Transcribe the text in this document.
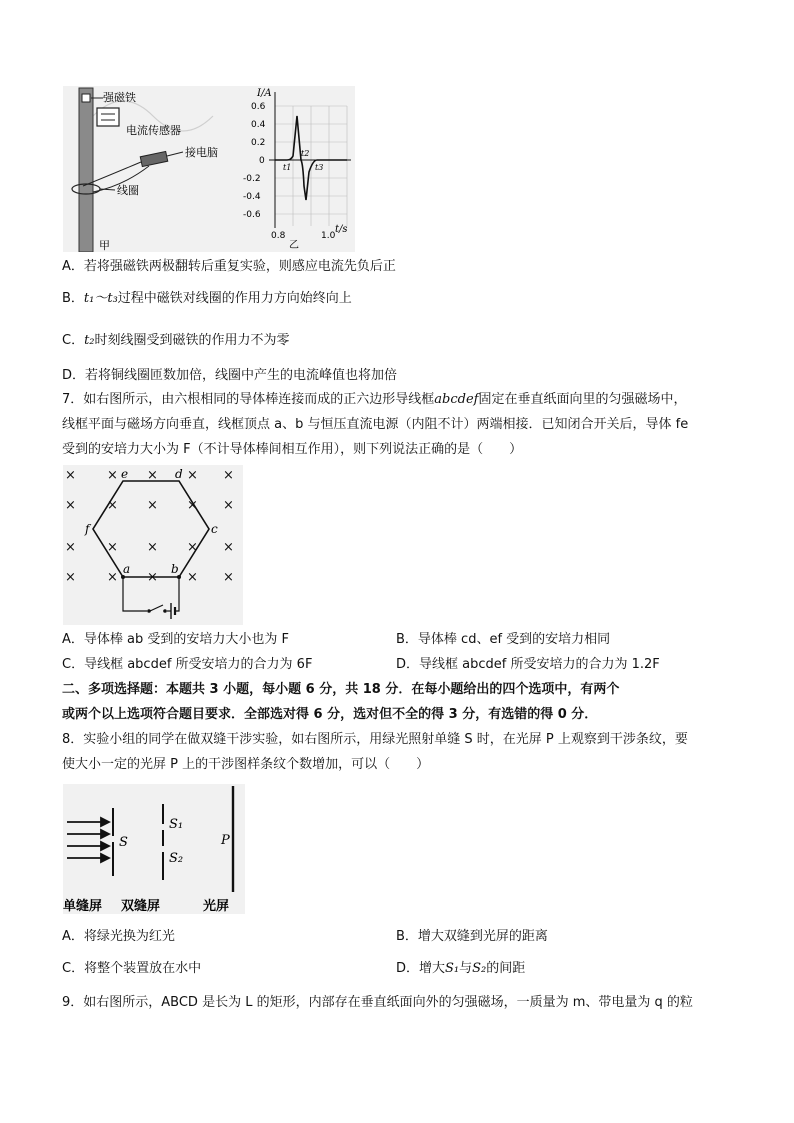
强磁铁
电流传感器
接电脑
线圈
甲
I/A
0.6
0.4
0.2
0
-0.2
-0.4
-0.6
t1
t2
t3
0.8	1.0
乙
t/s
A．若将强磁铁两极翻转后重复实验，则感应电流先负后正
B．t₁～t₃过程中磁铁对线圈的作用力方向始终向上
C．t₂时刻线圈受到磁铁的作用力不为零
D．若将铜线圈匝数加倍，线圈中产生的电流峰值也将加倍
7．如右图所示，由六根相同的导体棒连接而成的正六边形导线框abcdef固定在垂直纸面向里的匀强磁场中，
线框平面与磁场方向垂直，线框顶点 a、b 与恒压直流电源（内阻不计）两端相接．已知闭合开关后，导体 fe
受到的安培力大小为 F（不计导体棒间相互作用），则下列说法正确的是（　　）
× × × × ×
× × × × ×
× × × × ×
× × × × ×
a	b
c
d
e
f
A．导体棒 ab 受到的安培力大小也为 F	B．导体棒 cd、ef 受到的安培力相同
C．导线框 abcdef 所受安培力的合力为 6F	D．导线框 abcdef 所受安培力的合力为 1.2F
二、多项选择题：本题共 3 小题，每小题 6 分，共 18 分．在每小题给出的四个选项中，有两个
或两个以上选项符合题目要求．全部选对得 6 分，选对但不全的得 3 分，有选错的得 0 分．
8．实验小组的同学在做双缝干涉实验，如右图所示，用绿光照射单缝 S 时，在光屏 P 上观察到干涉条纹，要
使大小一定的光屏 P 上的干涉图样条纹个数增加，可以（　　）
S
S₁
S₂
P
单缝屏 双缝屏	光屏
A．将绿光换为红光	B．增大双缝到光屏的距离
C．将整个装置放在水中	D．增大S₁与S₂的间距
9．如右图所示，ABCD 是长为 L 的矩形，内部存在垂直纸面向外的匀强磁场，一质量为 m、带电量为 q 的粒
